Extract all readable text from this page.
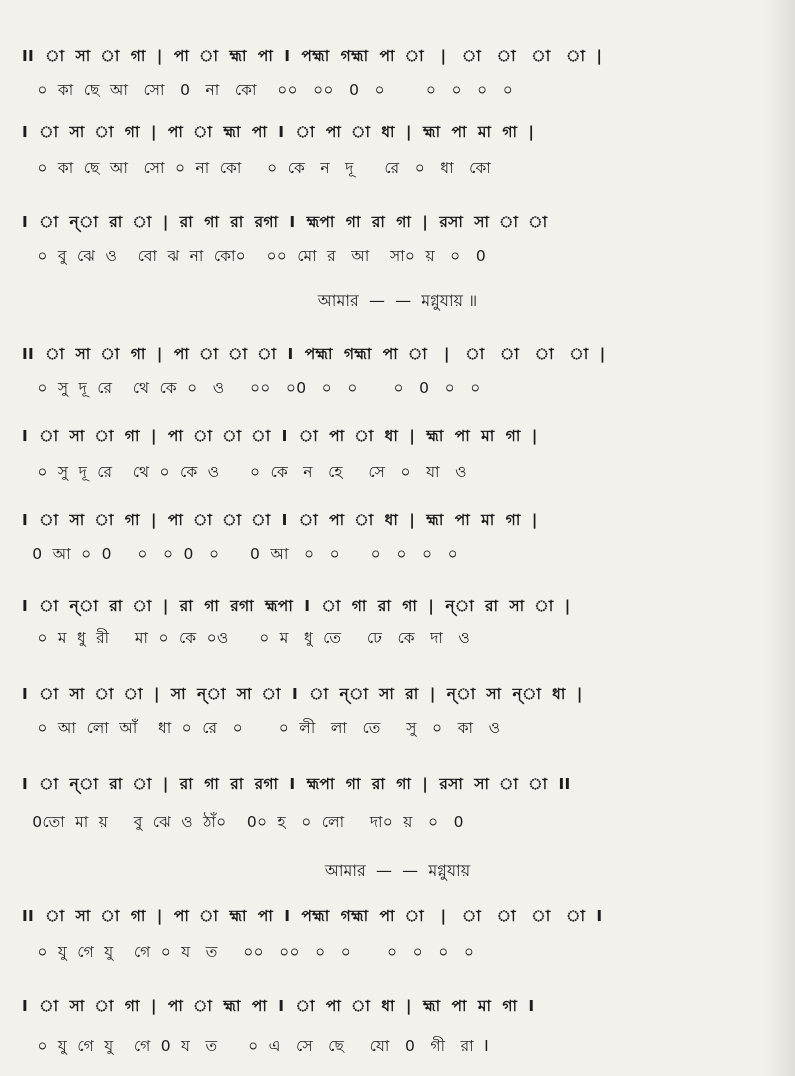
II  া  সা  া  গা  |  পা  া  হ্মা  পা  I  পহ্মা  গহ্মা  পা  া   |   া   া   া   া  |
০  কা  ছে  আ   সো   0   না   কো    ০০   ০০   0   ০        ০   ০   ০   ০
I  া  সা  া  গা  |  পা  া  হ্মা  পা  I  া  পা  া  ধা  |  হ্মা  পা  মা  গা  |
০  কা  ছে  আ   সো  ০  না  কো     ০  কে   ন   দূ      রে   ০   ধা   কো
I  া  ন্‌া  রা  া  |  রা  গা  রা  রগা  I  হ্মপা  গা  রা  গা  |  রসা  সা  া  া
০  বু  ঝে  ও    বো  ঝ  না  কো০    ০০  মো  র   আ    সা০  য়   ০   0
আমার  —  —  মগ্নুযায় ॥
II  া  সা  া  গা  |  পা  া  া  া  I  পহ্মা  গহ্মা  পা  া   |   া   া   া   া  |
০  সু  দূ  রে    থে  কে  ০   ও     ০০   ০0   ০   ০       ০   0   ০   ০
I  া  সা  া  গা  |  পা  া  া  া  I  া  পা  া  ধা  |  হ্মা  পা  মা  গা  |
০  সু  দূ  রে    থে  ০  কে  ও      ০  কে   ন   হে     সে   ০   যা   ও
I  া  সা  া  গা  |  পা  া  া  া  I  া  পা  া  ধা  |  হ্মা  পা  মা  গা  |
0  আ  ০  0     ০   ০  0   ০      0  আ   ০   ০      ০   ০   ০   ০
I  া  ন্‌া  রা  া  |  রা  গা  রগা  হ্মপা  I  া  গা  রা  গা  |  ন্‌া  রা  সা  া  |
০  ম  ধু  রী     মা  ০  কে  ০ও      ০  ম   ধু  তে     ঢে   কে   দা   ও
I  া  সা  া  া  |  সা  ন্‌া  সা  া  I  া  ন্‌া  সা  রা  |  ন্‌া  সা  ন্‌া  ধা  |
০  আ  লো  আঁ    ধা  ০  রে   ০       ০  লী   লা   তে     সু   ০   কা   ও
I  া  ন্‌া  রা  া  |  রা  গা  রা  রগা  I  হ্মপা  গা  রা  গা  |  রসা  সা  া  া  II
0তো  মা  য়     বু  ঝে  ও  ঠাঁ০    0০  হ   ০  লো     দা০  য়   ০   0
আমার  —  —  মগ্নুযায়
II  া  সা  া  গা  |  পা  া  হ্মা  পা  I  পহ্মা  গহ্মা  পা  া   |   া   া   া   া  I
০  যু  গে  যু    গে  ০  য   ত     ০০   ০০   ০   ০       ০   ০   ০   ০
I  া  সা  া  গা  |  পা  া  হ্মা  পা  I  া  পা  া  ধা  |  হ্মা  পা  মা  গা  I
০  যু  গে  যু    গে  0  য   ত      ০  এ   সে   ছে     যো   0   গী   রা  I
